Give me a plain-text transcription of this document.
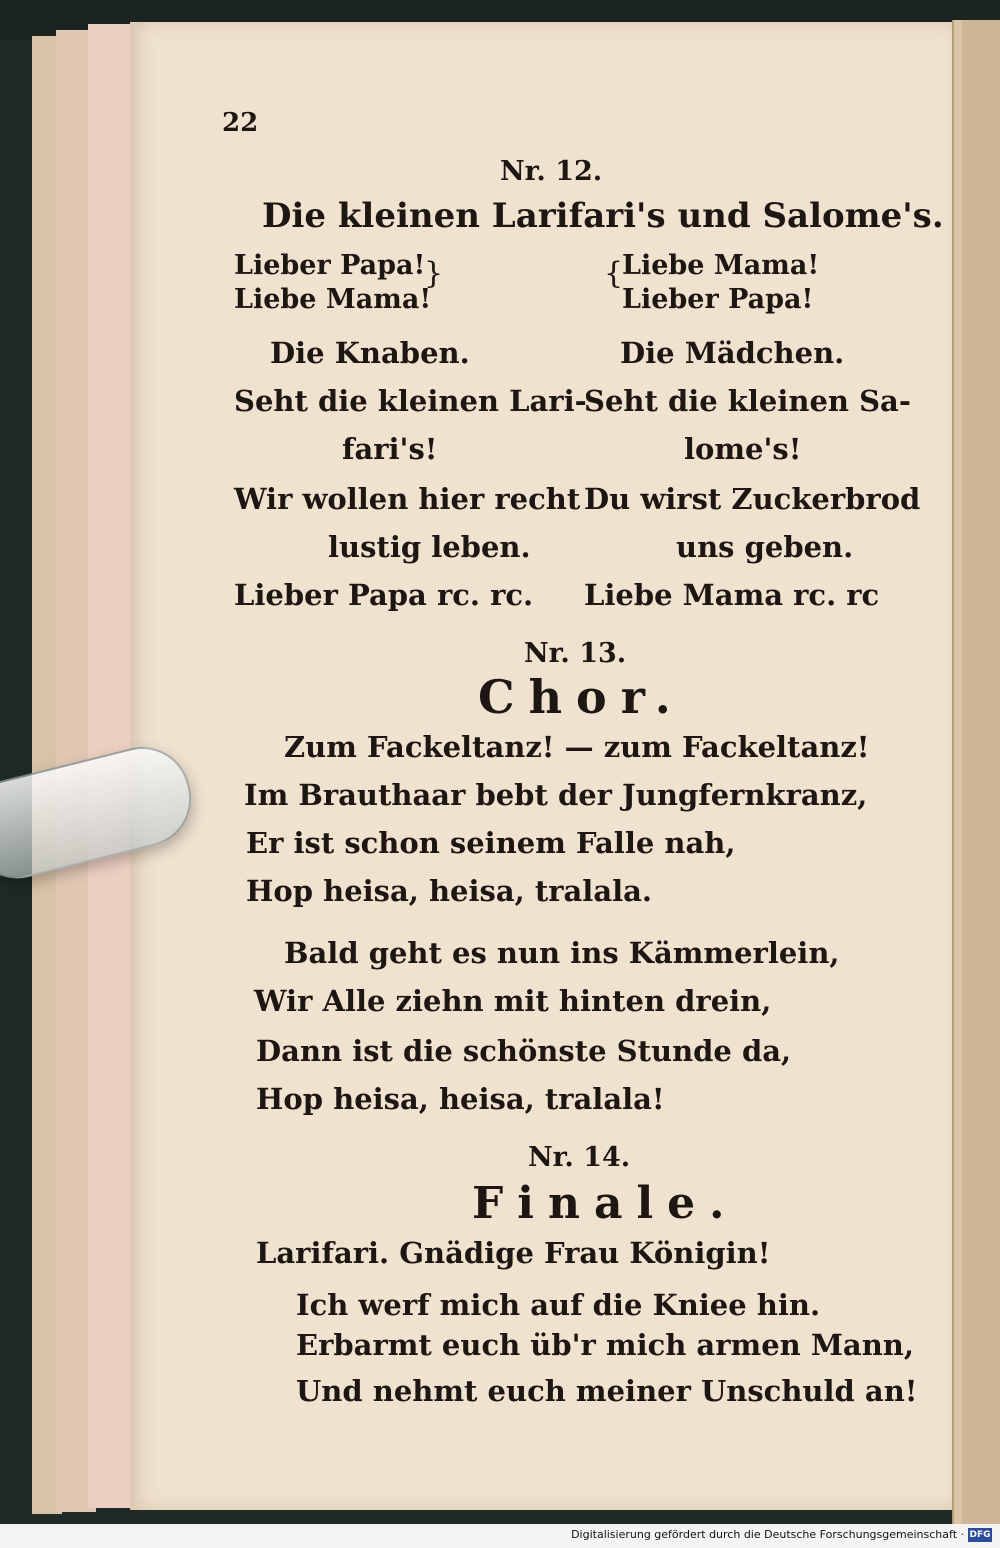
22

Nr. 12.

Die kleinen Larifari's und Salome's.

Lieber Papa!

Liebe Mama!

}	{

Liebe Mama!

Lieber Papa!

Die Knaben.	Die Mädchen.

Seht die kleinen Lari-

fari's!

Wir wollen hier recht

lustig leben.

Lieber Papa rc. rc.

Seht die kleinen Sa-

lome's!

Du wirst Zuckerbrod

uns geben.

Liebe Mama rc. rc

Nr. 13.

Chor.

Zum Fackeltanz! — zum Fackeltanz!

Im Brauthaar bebt der Jungfernkranz,

Er ist schon seinem Falle nah,

Hop heisa, heisa, tralala.

Bald geht es nun ins Kämmerlein,

Wir Alle ziehn mit hinten drein,

Dann ist die schönste Stunde da,

Hop heisa, heisa, tralala!

Nr. 14.

Finale.

Larifari. Gnädige Frau Königin!

Ich werf mich auf die Kniee hin.

Erbarmt euch üb'r mich armen Mann,

Und nehmt euch meiner Unschuld an!

Digitalisierung gefördert durch die Deutsche Forschungsgemeinschaft · DFG
